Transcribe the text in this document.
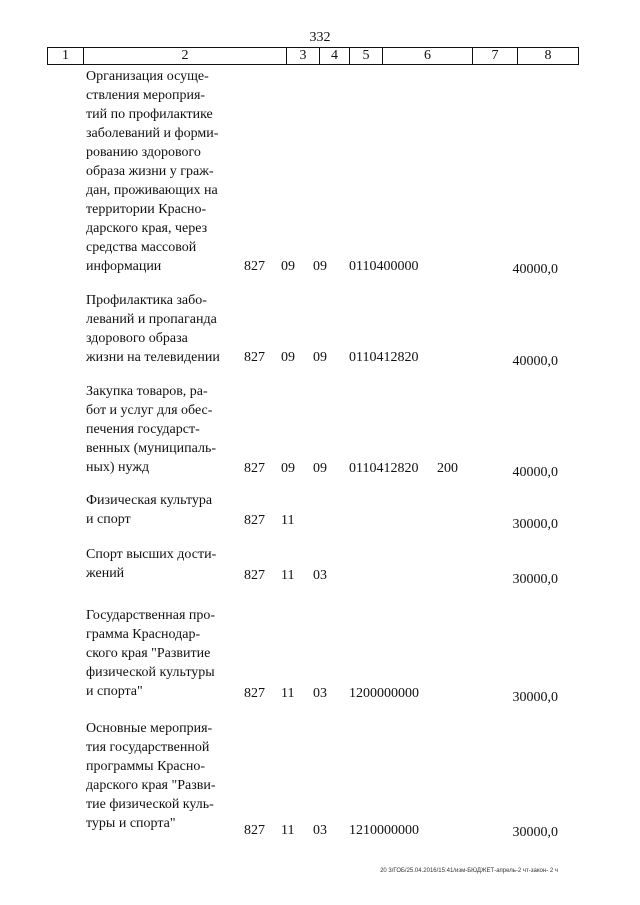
332
1	2	3	4	5	6	7	8
Организация осуще-
ствления мероприя-
тий по профилактике
заболеваний и форми-
рованию здорового
образа жизни у граж-
дан, проживающих на
территории Красно-
дарского края, через
средства массовой
информации	827 09 09 0110400000	40000,0
Профилактика забо-
леваний и пропаганда
здорового образа
жизни на телевидении	827 09 09 0110412820	40000,0
Закупка товаров, ра-
бот и услуг для обес-
печения государст-
венных (муниципаль-
ных) нужд	827 09 09 0110412820 200	40000,0
Физическая культура
и спорт	827 11	30000,0
Спорт высших дости-
жений	827 11 03	30000,0
Государственная про-
грамма Краснодар-
ского края "Развитие
физической культуры
и спорта"	827 11 03 1200000000	30000,0
Основные мероприя-
тия государственной
программы Красно-
дарского края "Разви-
тие физической куль-
туры и спорта"	827 11 03 1210000000	30000,0
20 3/ГОБ/25.04.2016/15:41/изм-БЮДЖЕТ-апрель-2 чт-закон- 2 ч
